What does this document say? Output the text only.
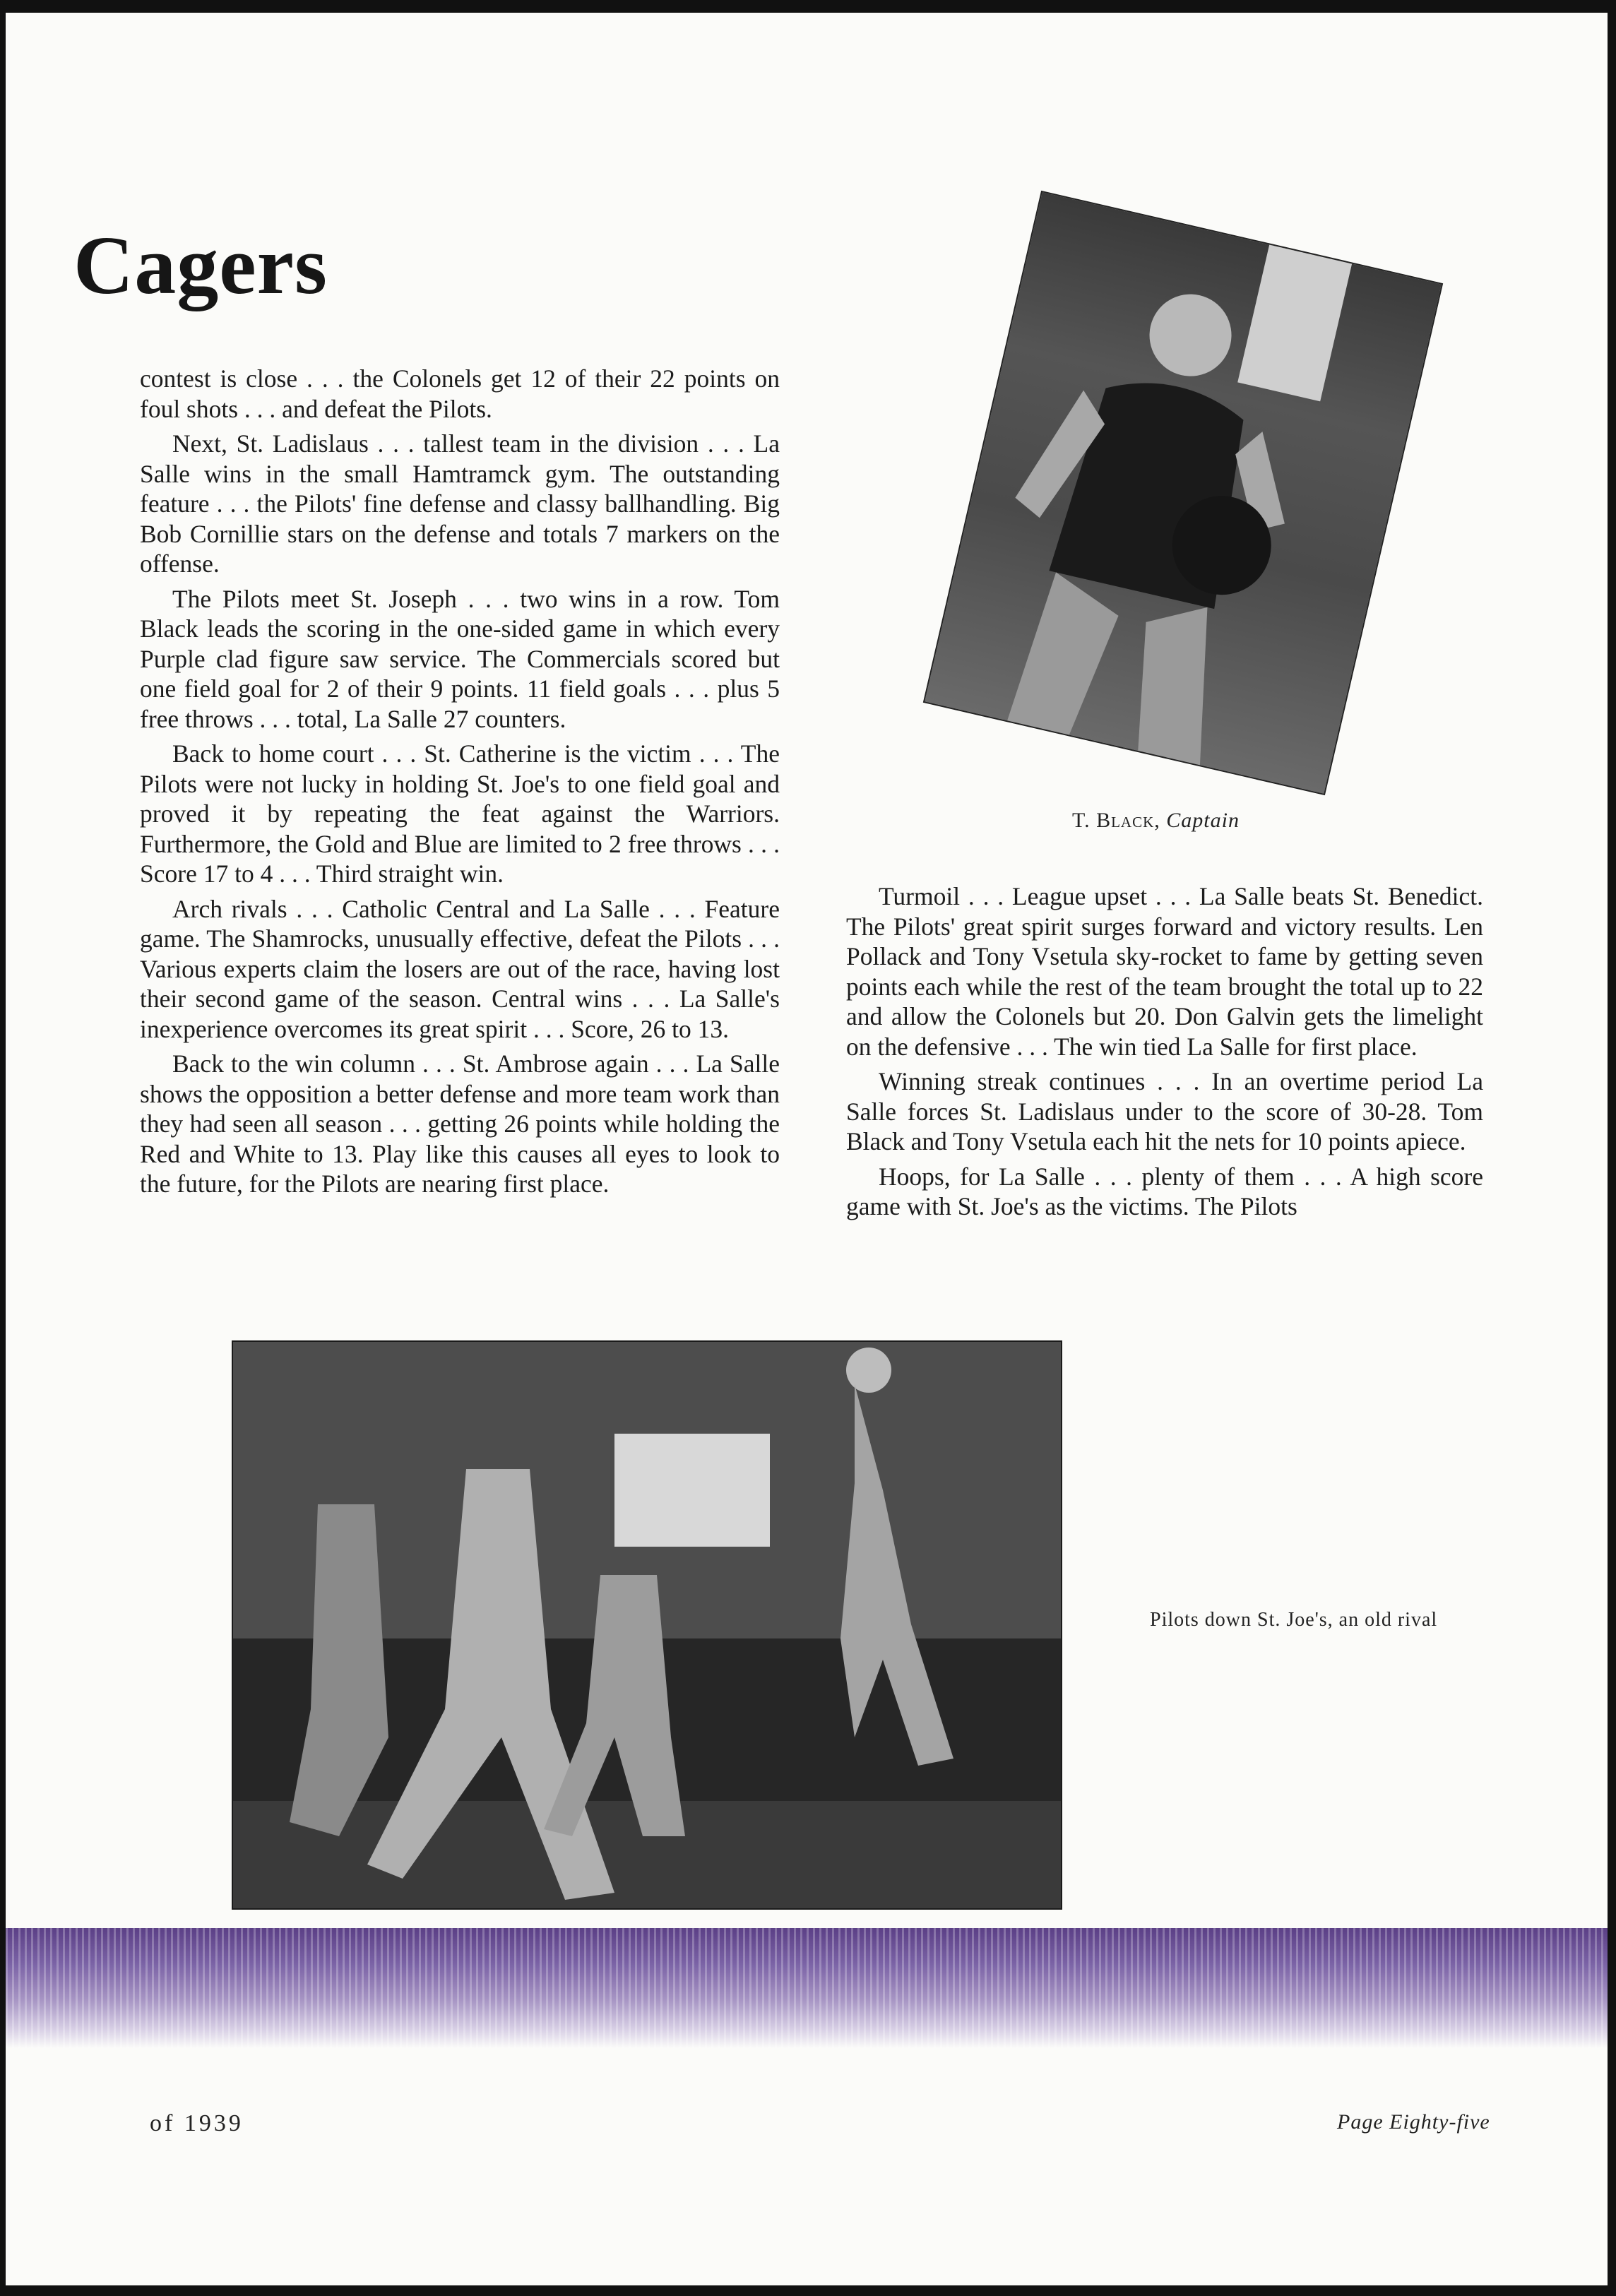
Cagers

contest is close . . . the Colonels get 12 of their 22 points on foul shots . . . and defeat the Pilots.

Next, St. Ladislaus . . . tallest team in the division . . . La Salle wins in the small Hamtramck gym. The outstanding feature . . . the Pilots' fine defense and classy ballhandling. Big Bob Cornillie stars on the defense and totals 7 markers on the offense.

The Pilots meet St. Joseph . . . two wins in a row. Tom Black leads the scoring in the one-sided game in which every Purple clad figure saw service. The Commercials scored but one field goal for 2 of their 9 points. 11 field goals . . . plus 5 free throws . . . total, La Salle 27 counters.

Back to home court . . . St. Catherine is the victim . . . The Pilots were not lucky in holding St. Joe's to one field goal and proved it by repeating the feat against the Warriors. Furthermore, the Gold and Blue are limited to 2 free throws . . . Score 17 to 4 . . . Third straight win.

Arch rivals . . . Catholic Central and La Salle . . . Feature game. The Shamrocks, unusually effective, defeat the Pilots . . . Various experts claim the losers are out of the race, having lost their second game of the season. Central wins . . . La Salle's inexperience overcomes its great spirit . . . Score, 26 to 13.

Back to the win column . . . St. Ambrose again . . . La Salle shows the opposition a better defense and more team work than they had seen all season . . . getting 26 points while holding the Red and White to 13. Play like this causes all eyes to look to the future, for the Pilots are nearing first place.

T. Black, Captain

Turmoil . . . League upset . . . La Salle beats St. Benedict. The Pilots' great spirit surges forward and victory results. Len Pollack and Tony Vsetula sky-rocket to fame by getting seven points each while the rest of the team brought the total up to 22 and allow the Colonels but 20. Don Galvin gets the limelight on the defensive . . . The win tied La Salle for first place.

Winning streak continues . . . In an overtime period La Salle forces St. Ladislaus under to the score of 30-28. Tom Black and Tony Vsetula each hit the nets for 10 points apiece.

Hoops, for La Salle . . . plenty of them . . . A high score game with St. Joe's as the victims. The Pilots

Pilots down St. Joe's, an old rival
of 1939	Page Eighty-five
